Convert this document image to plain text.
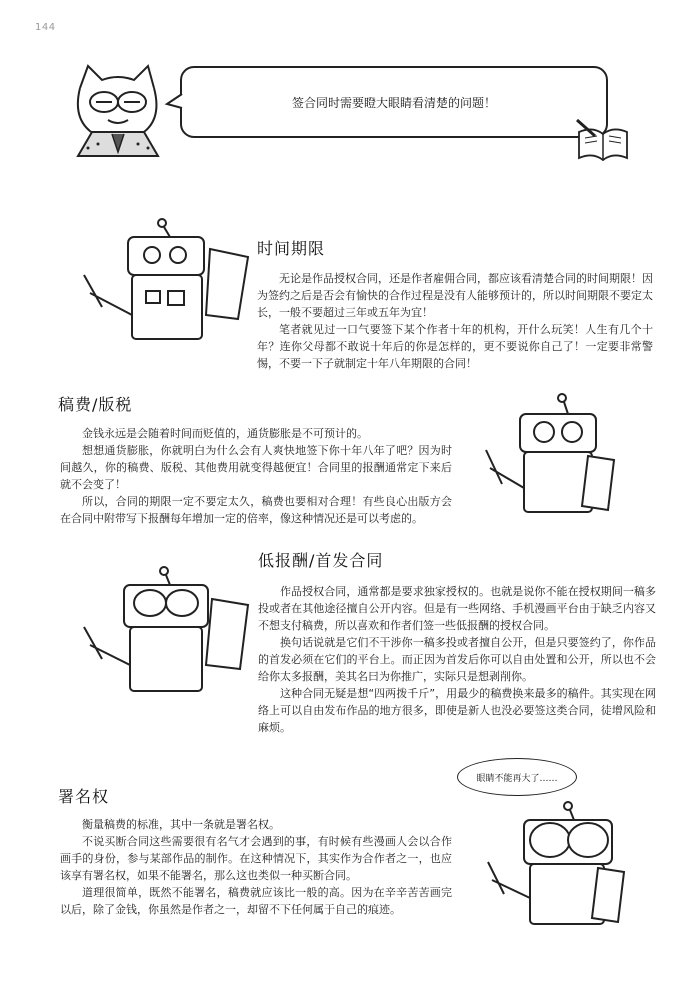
144
签合同时需要瞪大眼睛看清楚的问题！
时间期限

无论是作品授权合同，还是作者雇佣合同，都应该看清楚合同的时间期限！因为签约之后是否会有愉快的合作过程是没有人能够预计的，所以时间期限不要定太长，一般不要超过三年或五年为宜！

笔者就见过一口气要签下某个作者十年的机构，开什么玩笑！人生有几个十年？连你父母都不敢说十年后的你是怎样的，更不要说你自己了！一定要非常警惕，不要一下子就制定十年八年期限的合同！

稿费/版税

金钱永远是会随着时间而贬值的，通货膨胀是不可预计的。

想想通货膨胀，你就明白为什么会有人爽快地签下你十年八年了吧？因为时间越久，你的稿费、版税、其他费用就变得越便宜！合同里的报酬通常定下来后就不会变了！

所以，合同的期限一定不要定太久，稿费也要相对合理！有些良心出版方会在合同中附带写下报酬每年增加一定的倍率，像这种情况还是可以考虑的。

低报酬/首发合同

作品授权合同，通常都是要求独家授权的。也就是说你不能在授权期间一稿多投或者在其他途径擅自公开内容。但是有一些网络、手机漫画平台由于缺乏内容又不想支付稿费，所以喜欢和作者们签一些低报酬的授权合同。

换句话说就是它们不干涉你一稿多投或者擅自公开，但是只要签约了，你作品的首发必须在它们的平台上。而正因为首发后你可以自由处置和公开，所以也不会给你太多报酬，美其名曰为你推广，实际只是想剥削你。

这种合同无疑是想“四两拨千斤”，用最少的稿费换来最多的稿件。其实现在网络上可以自由发布作品的地方很多，即使是新人也没必要签这类合同，徒增风险和麻烦。

署名权

衡量稿费的标准，其中一条就是署名权。

不说买断合同这些需要很有名气才会遇到的事，有时候有些漫画人会以合作画手的身份，参与某部作品的制作。在这种情况下，其实作为合作者之一，也应该享有署名权，如果不能署名，那么这也类似一种买断合同。

道理很简单，既然不能署名，稿费就应该比一般的高。因为在辛辛苦苦画完以后，除了金钱，你虽然是作者之一，却留不下任何属于自己的痕迹。

眼睛不能再大了……
